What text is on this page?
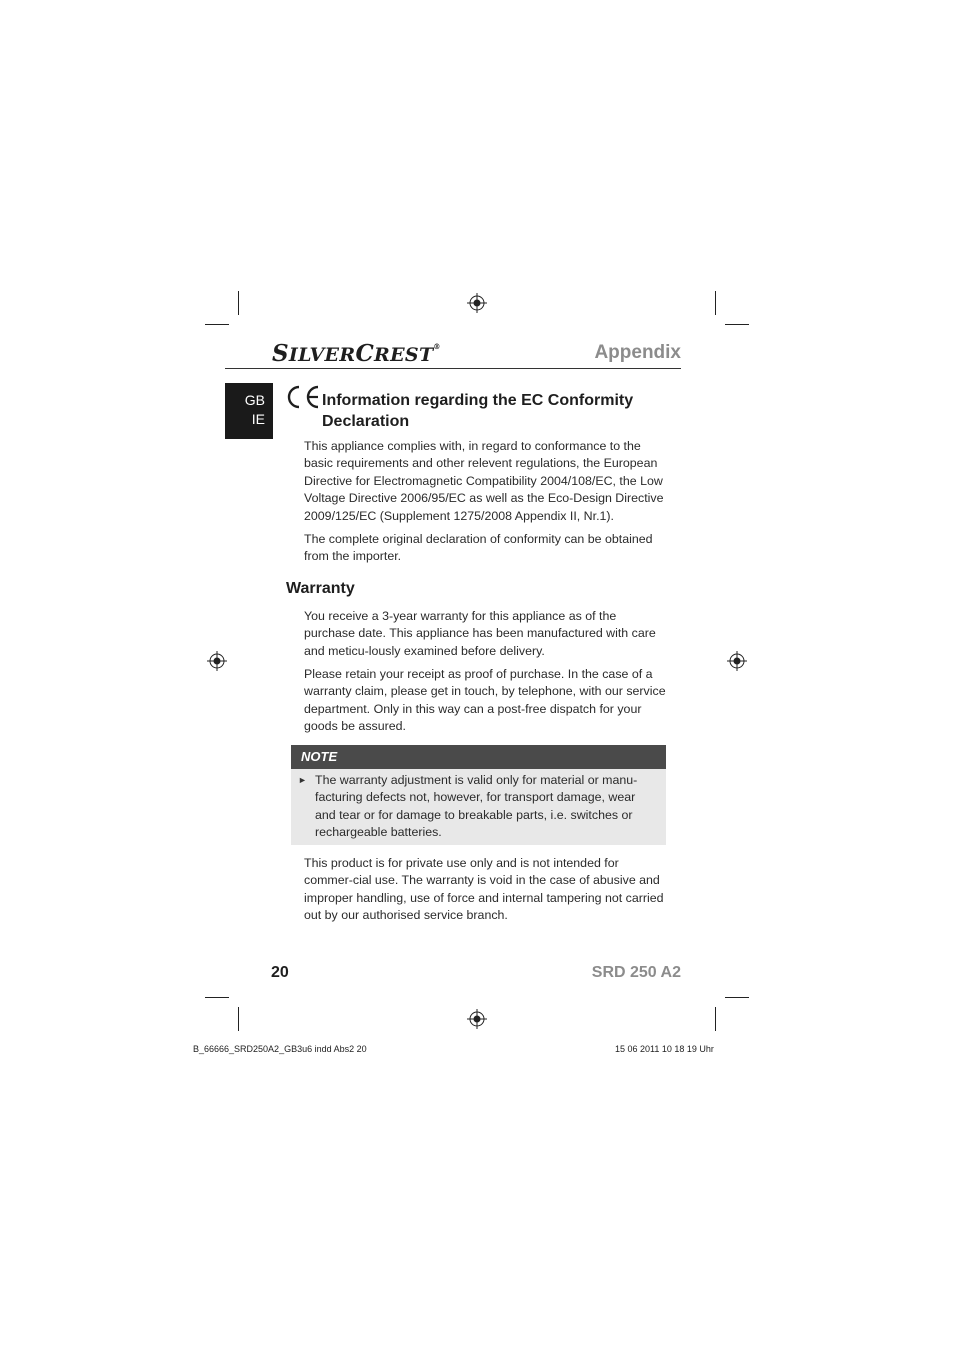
SILVERCREST®	Appendix
GB
IE
Information regarding the EC Conformity Declaration
This appliance complies with, in regard to conformance to the basic requirements and other relevent regulations, the European Directive for Electromagnetic Compatibility 2004/108/EC, the Low Voltage Directive 2006/95/EC as well as the Eco-Design Directive 2009/125/EC (Supplement 1275/2008 Appendix II, Nr.1).
The complete original declaration of conformity can be obtained from the importer.
Warranty
You receive a 3-year warranty for this appliance as of the purchase date. This appliance has been manufactured with care and meticu-lously examined before delivery.
Please retain your receipt as proof of purchase. In the case of a warranty claim, please get in touch, by telephone, with our service department. Only in this way can a post-free dispatch for your goods be assured.
NOTE
► The warranty adjustment is valid only for material or manu-facturing defects not, however, for transport damage, wear and tear or for damage to breakable parts, i.e. switches or rechargeable batteries.
This product is for private use only and is not intended for commer-cial use. The warranty is void in the case of abusive and improper handling, use of force and internal tampering not carried out by our authorised service branch.
20	SRD 250 A2
B_66666_SRD250A2_GB3u6 indd Abs2 20	15 06 2011 10 18 19 Uhr
